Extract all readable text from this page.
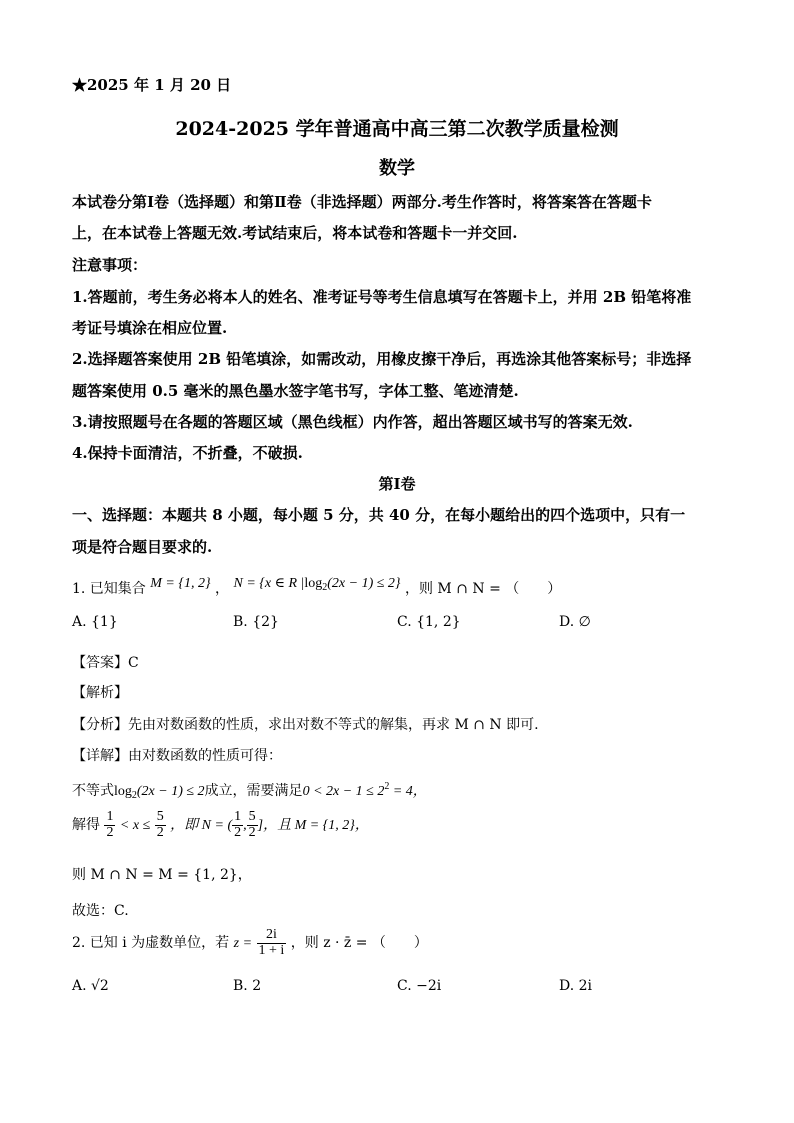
★2025 年 1 月 20 日
2024-2025 学年普通高中高三第二次教学质量检测
数学
本试卷分第Ⅰ卷（选择题）和第Ⅱ卷（非选择题）两部分.考生作答时，将答案答在答题卡
上，在本试卷上答题无效.考试结束后，将本试卷和答题卡一并交回.
注意事项：
1.答题前，考生务必将本人的姓名、准考证号等考生信息填写在答题卡上，并用 2B 铅笔将准
考证号填涂在相应位置.
2.选择题答案使用 2B 铅笔填涂，如需改动，用橡皮擦干净后，再选涂其他答案标号；非选择
题答案使用 0.5 毫米的黑色墨水签字笔书写，字体工整、笔迹清楚.
3.请按照题号在各题的答题区域（黑色线框）内作答，超出答题区域书写的答案无效.
4.保持卡面清洁，不折叠，不破损.
第Ⅰ卷
一、选择题：本题共 8 小题，每小题 5 分，共 40 分，在每小题给出的四个选项中，只有一
项是符合题目要求的.
1. 已知集合 M = {1, 2} ， N = {x ∈ R $|\log_2(2x - 1) \le 2$} ，则 M ∩ N = （　　）
A. {1}	B. {2}	C. {1, 2}	D. ∅
【答案】C
【解析】
【分析】先由对数函数的性质，求出对数不等式的解集，再求 M ∩ N 即可.
【详解】由对数函数的性质可得：
不等式$\log_2(2x - 1) \le 2$成立，需要满足$0 < 2x - 1 \le 2^2 = 4$，
解得 $\frac{1}{2} < x \le \frac{5}{2}$ ，即 N = ( $\frac{1}{2}$ , $\frac{5}{2}$ ]，且 M = {1, 2}，
则 M ∩ N = M = {1, 2}，
故选：C.
2. 已知 i 为虚数单位，若 $z = \frac{2i}{1 + i}$ ，则 z · z̄ = （　　）
A. √2	B. 2	C. −2i	D. 2i
